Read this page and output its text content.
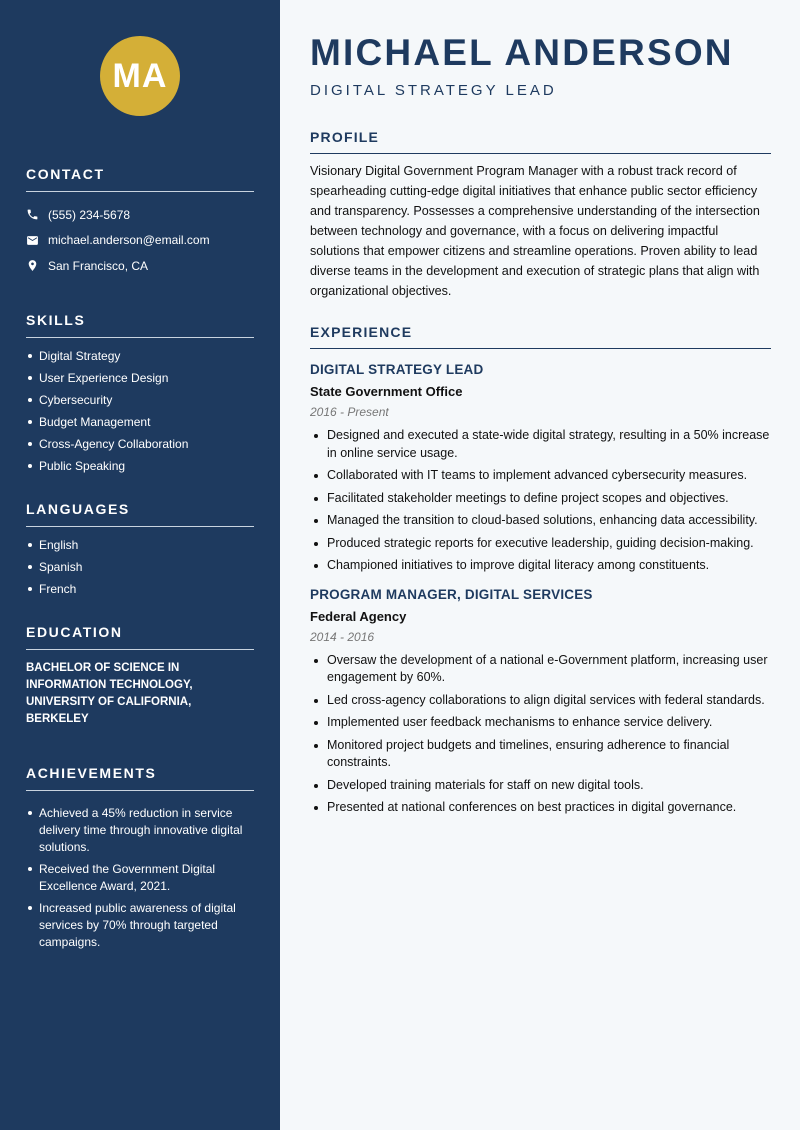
MA
CONTACT
(555) 234-5678
michael.anderson@email.com
San Francisco, CA
SKILLS
Digital Strategy
User Experience Design
Cybersecurity
Budget Management
Cross-Agency Collaboration
Public Speaking
LANGUAGES
English
Spanish
French
EDUCATION
BACHELOR OF SCIENCE IN
INFORMATION TECHNOLOGY,
UNIVERSITY OF CALIFORNIA, BERKELEY
ACHIEVEMENTS
Achieved a 45% reduction in service delivery time through innovative digital solutions.
Received the Government Digital Excellence Award, 2021.
Increased public awareness of digital services by 70% through targeted campaigns.
MICHAEL ANDERSON
DIGITAL STRATEGY LEAD
PROFILE
Visionary Digital Government Program Manager with a robust track record of spearheading cutting-edge digital initiatives that enhance public sector efficiency and transparency. Possesses a comprehensive understanding of the intersection between technology and governance, with a focus on delivering impactful solutions that empower citizens and streamline operations. Proven ability to lead diverse teams in the development and execution of strategic plans that align with organizational objectives.
EXPERIENCE
DIGITAL STRATEGY LEAD
State Government Office
2016 - Present
Designed and executed a state-wide digital strategy, resulting in a 50% increase in online service usage.
Collaborated with IT teams to implement advanced cybersecurity measures.
Facilitated stakeholder meetings to define project scopes and objectives.
Managed the transition to cloud-based solutions, enhancing data accessibility.
Produced strategic reports for executive leadership, guiding decision-making.
Championed initiatives to improve digital literacy among constituents.
PROGRAM MANAGER, DIGITAL SERVICES
Federal Agency
2014 - 2016
Oversaw the development of a national e-Government platform, increasing user engagement by 60%.
Led cross-agency collaborations to align digital services with federal standards.
Implemented user feedback mechanisms to enhance service delivery.
Monitored project budgets and timelines, ensuring adherence to financial constraints.
Developed training materials for staff on new digital tools.
Presented at national conferences on best practices in digital governance.
